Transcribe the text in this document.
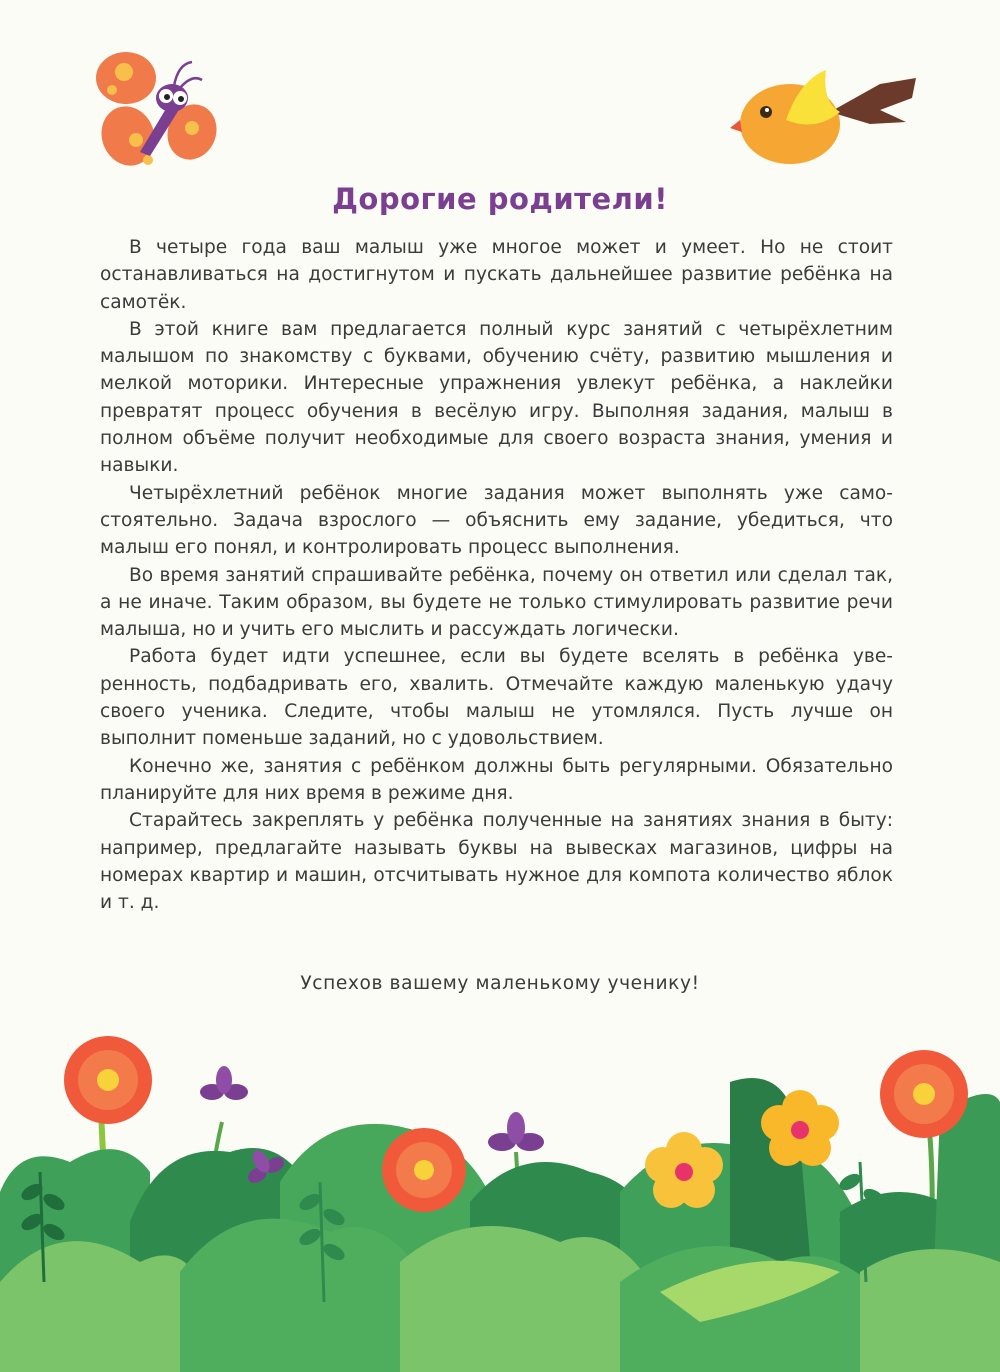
Дорогие родители!

В четыре года ваш малыш уже многое может и умеет. Но не стоит останавливаться на достигнутом и пускать дальнейшее развитие ребёнка на самотёк.

В этой книге вам предлагается полный курс занятий с четырёхлетним малышом по знакомству с буквами, обучению счёту, развитию мышления и мелкой моторики. Интересные упражнения увлекут ребёнка, а наклейки превратят процесс обучения в весёлую игру. Выполняя задания, малыш в полном объёме получит необходимые для своего возраста знания, умения и навыки.

Четырёхлетний ребёнок многие задания может выполнять уже самостоятельно. Задача взрослого — объяснить ему задание, убедиться, что малыш его понял, и контролировать процесс выполнения.

Во время занятий спрашивайте ребёнка, почему он ответил или сделал так, а не иначе. Таким образом, вы будете не только стимулировать развитие речи малыша, но и учить его мыслить и рассуждать логически.

Работа будет идти успешнее, если вы будете вселять в ребёнка уверенность, подбадривать его, хвалить. Отмечайте каждую маленькую удачу своего ученика. Следите, чтобы малыш не утомлялся. Пусть лучше он выполнит поменьше заданий, но с удовольствием.

Конечно же, занятия с ребёнком должны быть регулярными. Обязательно планируйте для них время в режиме дня.

Старайтесь закреплять у ребёнка полученные на занятиях знания в быту: например, предлагайте называть буквы на вывесках магазинов, цифры на номерах квартир и машин, отсчитывать нужное для компота количество яблок и т. д.

Успехов вашему маленькому ученику!
